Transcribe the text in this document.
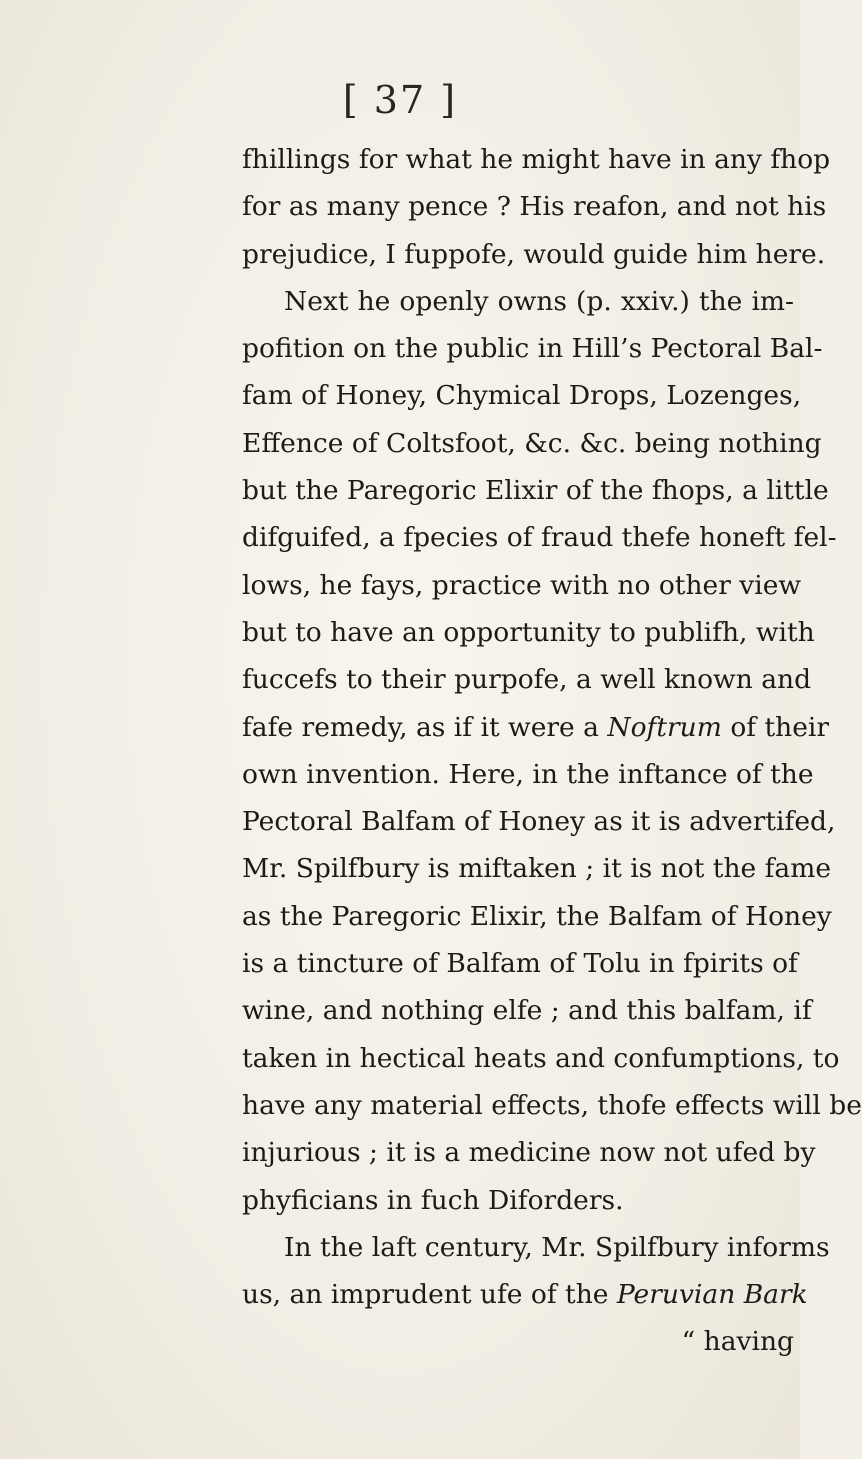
[ 37 ]
fhillings for what he might have in any fhop
for as many pence ? His reafon, and not his
prejudice, I fuppofe, would guide him here.
Next he openly owns (p. xxiv.) the im-
pofition on the public in Hill’s Pectoral Bal-
fam of Honey, Chymical Drops, Lozenges,
Effence of Coltsfoot, &c. &c. being nothing
but the Paregoric Elixir of the fhops, a little
difguifed, a fpecies of fraud thefe honeft fel-
lows, he fays, practice with no other view
but to have an opportunity to publifh, with
fuccefs to their purpofe, a well known and
fafe remedy, as if it were a Noftrum of their
own invention. Here, in the inftance of the
Pectoral Balfam of Honey as it is advertifed,
Mr. Spilfbury is miftaken ; it is not the fame
as the Paregoric Elixir, the Balfam of Honey
is a tincture of Balfam of Tolu in fpirits of
wine, and nothing elfe ; and this balfam, if
taken in hectical heats and confumptions, to
have any material effects, thofe effects will be
injurious ; it is a medicine now not ufed by
phyficians in fuch Diforders.
In the laft century, Mr. Spilfbury informs
us, an imprudent ufe of the Peruvian Bark
“ having
